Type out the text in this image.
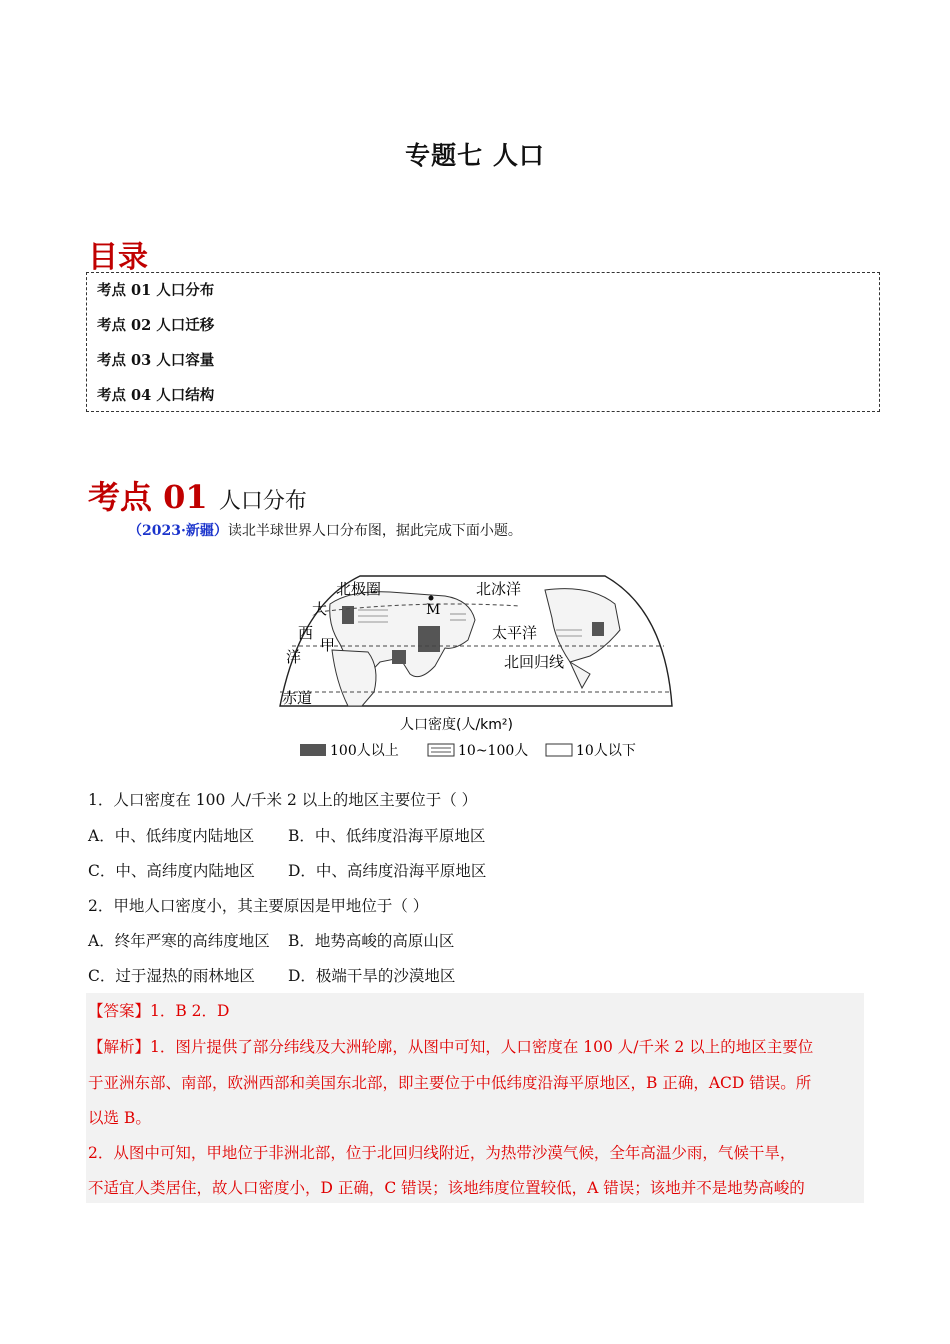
专题七 人口
目录
考点 01 人口分布
考点 02 人口迁移
考点 03 人口容量
考点 04 人口结构
考点 01 人口分布
（2023·新疆）读北半球世界人口分布图，据此完成下面小题。
北极圈	北冰洋
M
大
西
甲
洋
太平洋
北回归线
赤道
人口密度(人/km²)
100人以上	10~100人	10人以下
1．人口密度在 100 人/千米 2 以上的地区主要位于（ ）
A．中、低纬度内陆地区 B．中、低纬度沿海平原地区
C．中、高纬度内陆地区 D．中、高纬度沿海平原地区
2．甲地人口密度小，其主要原因是甲地位于（ ）
A．终年严寒的高纬度地区 B．地势高峻的高原山区
C．过于湿热的雨林地区 D．极端干旱的沙漠地区
【答案】1．B 2．D
【解析】1．图片提供了部分纬线及大洲轮廓，从图中可知，人口密度在 100 人/千米 2 以上的地区主要位
于亚洲东部、南部，欧洲西部和美国东北部，即主要位于中低纬度沿海平原地区，B 正确，ACD 错误。所
以选 B。
2．从图中可知，甲地位于非洲北部，位于北回归线附近，为热带沙漠气候，全年高温少雨，气候干旱，
不适宜人类居住，故人口密度小，D 正确，C 错误；该地纬度位置较低，A 错误；该地并不是地势高峻的
